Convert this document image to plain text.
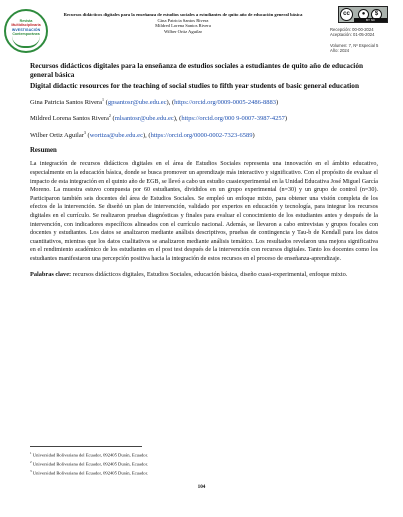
Revista
Multidisciplinaria
INVESTIGACIÓN
Contemporánea
Recursos didácticos digitales para la enseñanza de estudios sociales a estudiantes de quito año de educación general básica
Gina Patricia Santos Rivera
Mildred Lorena Santos Rivera
Wilber Ortiz Aguilar
cc	●	$
BY NC
Recepción: 00-00-2024
Aceptación: 01-05-2024
Volumen: 7, Nº Especial 5
Año: 2024

Recursos didácticos digitales para la enseñanza de estudios sociales a estudiantes de quito año de educación general básica

Digital didactic resources for the teaching of social studies to fifth year students of basic general education

Gina Patricia Santos Rivera$^1$ (gpsantosr@ube.edu.ec), (https://orcid.org/0009-0005-2486-8883)

Mildred Lorena Santos Rivera$^2$ (mlsantosr@ube.edu.ec), (https://orcid.org/000 9-0007-3987-4257)

Wilber Ortiz Aguilar$^3$ (wortiza@ube.edu.ec), (https://orcid.org/0000-0002-7323-6589)

Resumen

La integración de recursos didácticos digitales en el área de Estudios Sociales representa una innovación en el ámbito educativo, especialmente en la educación básica, donde se busca promover un aprendizaje más interactivo y significativo. Con el propósito de evaluar el impacto de esta integración en el quinto año de EGB, se llevó a cabo un estudio cuasiexperimental en la Unidad Educativa José Miguel García Moreno. La muestra estuvo compuesta por 60 estudiantes, divididos en un grupo experimental (n=30) y un grupo de control (n=30). Participaron también seis docentes del área de Estudios Sociales. Se empleó un enfoque mixto, para obtener una visión completa de los efectos de la intervención. Se diseñó un plan de intervención, validado por expertos en educación y tecnología, para integrar los recursos digitales en el currículo. Se realizaron pruebas diagnósticas y finales para evaluar el conocimiento de los estudiantes antes y después de la intervención, con indicadores específicos alineados con el currículo nacional. Además, se llevaron a cabo entrevistas y grupos focales con docentes y estudiantes. Los datos se analizaron mediante análisis descriptivos, pruebas de contingencia y Tau-b de Kendall para los datos cuantitativos, mientras que los datos cualitativos se analizaron mediante análisis temático. Los resultados revelaron una mejora significativa en el rendimiento académico de los estudiantes en el post test después de la intervención con recursos digitales. Tanto los docentes como los estudiantes manifestaron una percepción positiva hacia la integración de estos recursos en el proceso de enseñanza-aprendizaje.

Palabras clave: recursos didácticos digitales, Estudios Sociales, educación básica, diseño cuasi-experimental, enfoque mixto.

$^1$ Universidad Bolivariana del Ecuador, 092405 Durán, Ecuador.
$^2$ Universidad Bolivariana del Ecuador, 092405 Durán, Ecuador.
$^3$ Universidad Bolivariana del Ecuador, 092405 Durán, Ecuador.
104
